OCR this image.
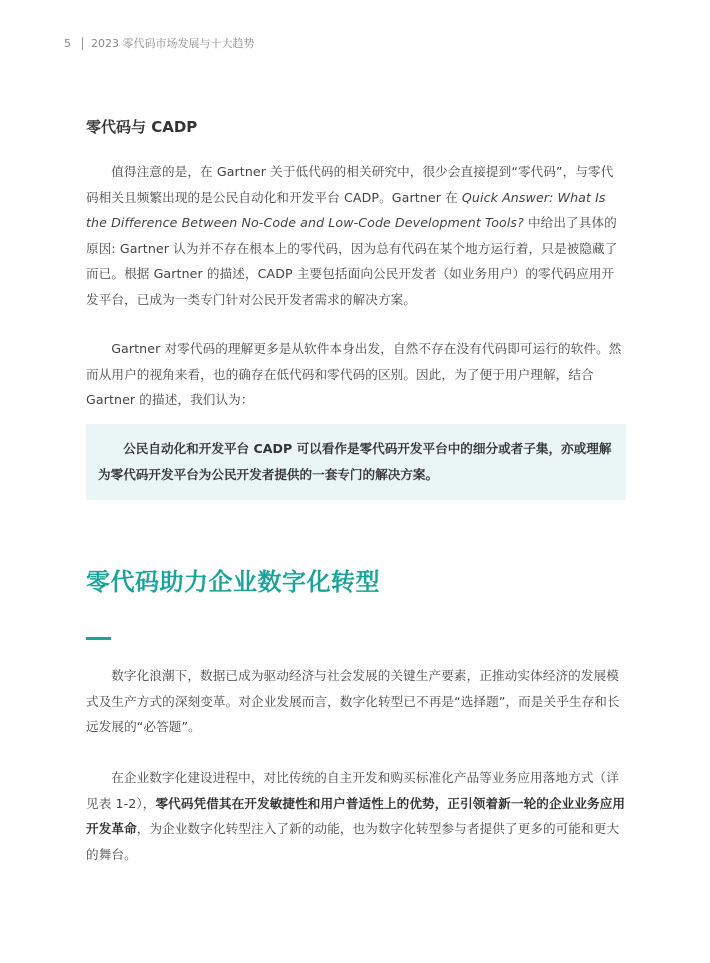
5	2023 零代码市场发展与十大趋势
零代码与 CADP

值得注意的是，在 Gartner 关于低代码的相关研究中，很少会直接提到“零代码”，与零代码相关且频繁出现的是公民自动化和开发平台 CADP。Gartner 在 Quick Answer: What Is the Difference Between No-Code and Low-Code Development Tools? 中给出了具体的原因: Gartner 认为并不存在根本上的零代码，因为总有代码在某个地方运行着，只是被隐藏了而已。根据 Gartner 的描述，CADP 主要包括面向公民开发者（如业务用户）的零代码应用开发平台，已成为一类专门针对公民开发者需求的解决方案。

Gartner 对零代码的理解更多是从软件本身出发，自然不存在没有代码即可运行的软件。然而从用户的视角来看，也的确存在低代码和零代码的区别。因此，为了便于用户理解，结合 Gartner 的描述，我们认为：

公民自动化和开发平台 CADP 可以看作是零代码开发平台中的细分或者子集，亦或理解为零代码开发平台为公民开发者提供的一套专门的解决方案。

零代码助力企业数字化转型

数字化浪潮下，数据已成为驱动经济与社会发展的关键生产要素，正推动实体经济的发展模式及生产方式的深刻变革。对企业发展而言，数字化转型已不再是“选择题”，而是关乎生存和长远发展的“必答题”。

在企业数字化建设进程中，对比传统的自主开发和购买标准化产品等业务应用落地方式（详见表 1-2），零代码凭借其在开发敏捷性和用户普适性上的优势，正引领着新一轮的企业业务应用开发革命，为企业数字化转型注入了新的动能，也为数字化转型参与者提供了更多的可能和更大的舞台。
